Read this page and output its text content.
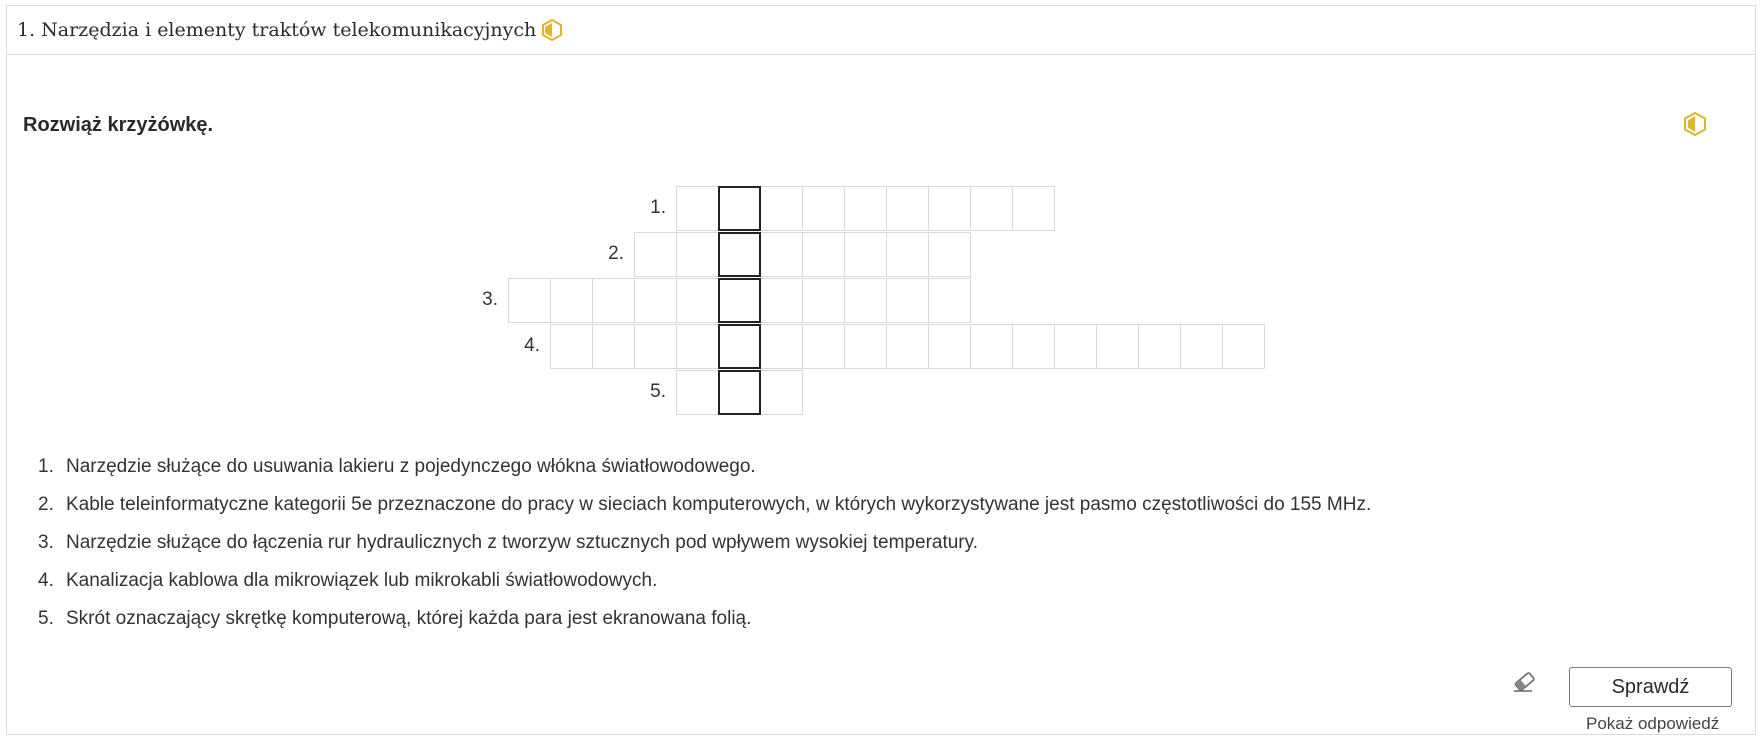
1. Narzędzia i elementy traktów telekomunikacyjnych
Rozwiąż krzyżówkę.
1.
2.
3.
4.
5.
1. Narzędzie służące do usuwania lakieru z pojedynczego włókna światłowodowego.
2. Kable teleinformatyczne kategorii 5e przeznaczone do pracy w sieciach komputerowych, w których wykorzystywane jest pasmo częstotliwości do 155 MHz.
3. Narzędzie służące do łączenia rur hydraulicznych z tworzyw sztucznych pod wpływem wysokiej temperatury.
4. Kanalizacja kablowa dla mikrowiązek lub mikrokabli światłowodowych.
5. Skrót oznaczający skrętkę komputerową, której każda para jest ekranowana folią.
Sprawdź
Pokaż odpowiedź
